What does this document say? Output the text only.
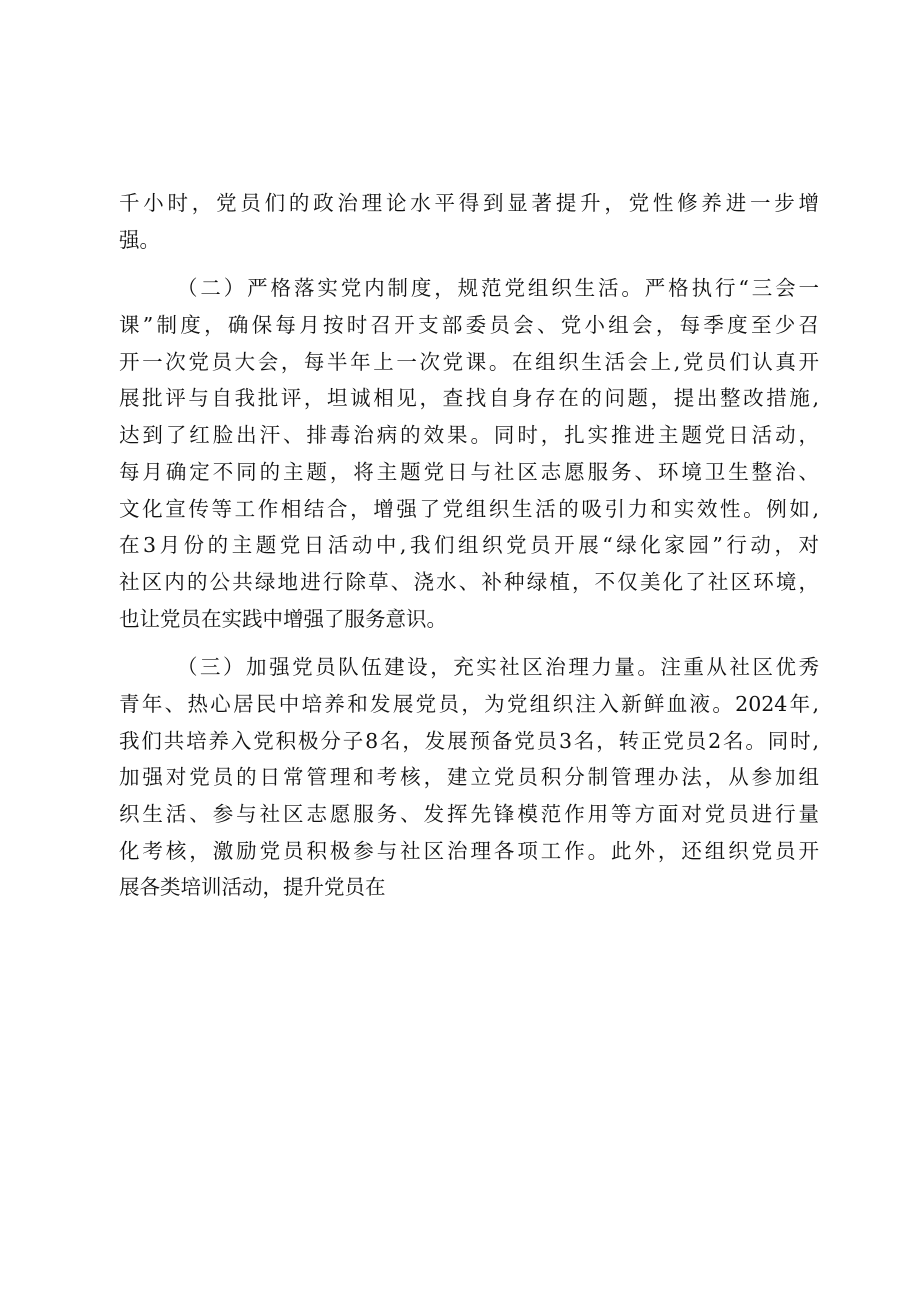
千小时，党员们的政治理论水平得到显著提升，党性修养进一步增
强。
（二）严格落实党内制度，规范党组织生活。严格执行“三会一
课”制度，确保每月按时召开支部委员会、党小组会，每季度至少召
开一次党员大会，每半年上一次党课。在组织生活会上,党员们认真开
展批评与自我批评，坦诚相见，查找自身存在的问题，提出整改措施,
达到了红脸出汗、排毒治病的效果。同时，扎实推进主题党日活动，
每月确定不同的主题，将主题党日与社区志愿服务、环境卫生整治、
文化宣传等工作相结合，增强了党组织生活的吸引力和实效性。例如,
在3月份的主题党日活动中,我们组织党员开展“绿化家园”行动，对
社区内的公共绿地进行除草、浇水、补种绿植，不仅美化了社区环境，
也让党员在实践中增强了服务意识。
（三）加强党员队伍建设，充实社区治理力量。注重从社区优秀
青年、热心居民中培养和发展党员，为党组织注入新鲜血液。2024年,
我们共培养入党积极分子8名，发展预备党员3名，转正党员2名。同时,
加强对党员的日常管理和考核，建立党员积分制管理办法，从参加组
织生活、参与社区志愿服务、发挥先锋模范作用等方面对党员进行量
化考核，激励党员积极参与社区治理各项工作。此外，还组织党员开
展各类培训活动，提升党员在
